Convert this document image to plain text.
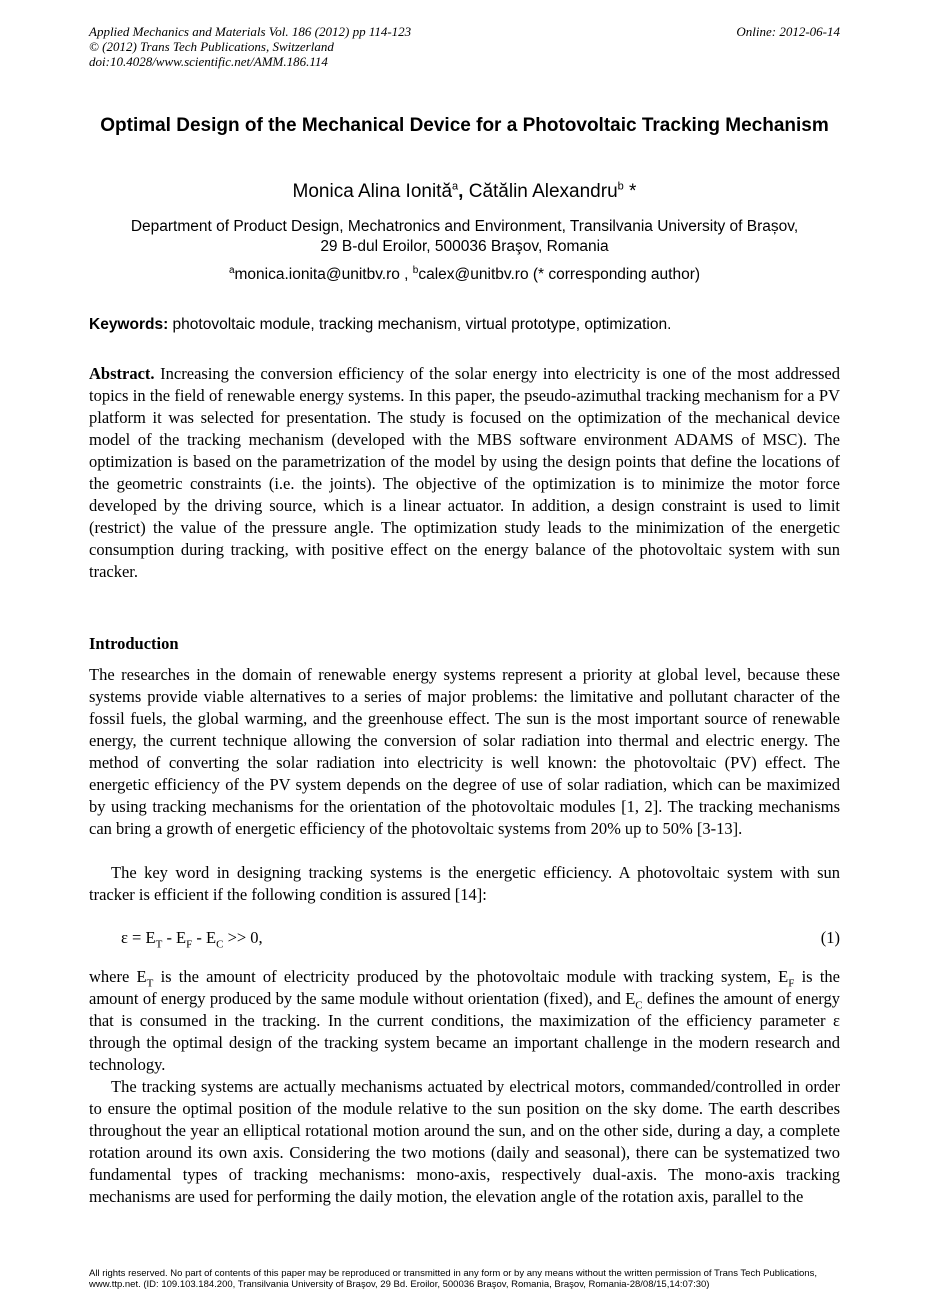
Applied Mechanics and Materials Vol. 186 (2012) pp 114-123	Online: 2012-06-14
© (2012) Trans Tech Publications, Switzerland
doi:10.4028/www.scientific.net/AMM.186.114
Optimal Design of the Mechanical Device for a Photovoltaic Tracking Mechanism
Monica Alina Ionită$^a$, Cătălin Alexandru$^b$ *
Department of Product Design, Mechatronics and Environment, Transilvania University of Brașov,
29 B-dul Eroilor, 500036 Braşov, Romania
$^a$monica.ionita@unitbv.ro , $^b$calex@unitbv.ro (* corresponding author)
Keywords: photovoltaic module, tracking mechanism, virtual prototype, optimization.
Abstract. Increasing the conversion efficiency of the solar energy into electricity is one of the most addressed topics in the field of renewable energy systems. In this paper, the pseudo-azimuthal tracking mechanism for a PV platform it was selected for presentation. The study is focused on the optimization of the mechanical device model of the tracking mechanism (developed with the MBS software environment ADAMS of MSC). The optimization is based on the parametrization of the model by using the design points that define the locations of the geometric constraints (i.e. the joints). The objective of the optimization is to minimize the motor force developed by the driving source, which is a linear actuator. In addition, a design constraint is used to limit (restrict) the value of the pressure angle. The optimization study leads to the minimization of the energetic consumption during tracking, with positive effect on the energy balance of the photovoltaic system with sun tracker.
Introduction
The researches in the domain of renewable energy systems represent a priority at global level, because these systems provide viable alternatives to a series of major problems: the limitative and pollutant character of the fossil fuels, the global warming, and the greenhouse effect. The sun is the most important source of renewable energy, the current technique allowing the conversion of solar radiation into thermal and electric energy. The method of converting the solar radiation into electricity is well known: the photovoltaic (PV) effect. The energetic efficiency of the PV system depends on the degree of use of solar radiation, which can be maximized by using tracking mechanisms for the orientation of the photovoltaic modules [1, 2]. The tracking mechanisms can bring a growth of energetic efficiency of the photovoltaic systems from 20% up to 50% [3-13].
The key word in designing tracking systems is the energetic efficiency. A photovoltaic system with sun tracker is efficient if the following condition is assured [14]:
$\varepsilon = E_T - E_F - E_C >> 0$,	(1)
where $E_T$ is the amount of electricity produced by the photovoltaic module with tracking system, $E_F$ is the amount of energy produced by the same module without orientation (fixed), and $E_C$ defines the amount of energy that is consumed in the tracking. In the current conditions, the maximization of the efficiency parameter ε through the optimal design of the tracking system became an important challenge in the modern research and technology.
The tracking systems are actually mechanisms actuated by electrical motors, commanded/controlled in order to ensure the optimal position of the module relative to the sun position on the sky dome. The earth describes throughout the year an elliptical rotational motion around the sun, and on the other side, during a day, a complete rotation around its own axis. Considering the two motions (daily and seasonal), there can be systematized two fundamental types of tracking mechanisms: mono-axis, respectively dual-axis. The mono-axis tracking mechanisms are used for performing the daily motion, the elevation angle of the rotation axis, parallel to the
All rights reserved. No part of contents of this paper may be reproduced or transmitted in any form or by any means without the written permission of Trans Tech Publications, www.ttp.net. (ID: 109.103.184.200, Transilvania University of Braşov, 29 Bd. Eroilor, 500036 Braşov, Romania, Braşov, Romania-28/08/15,14:07:30)
